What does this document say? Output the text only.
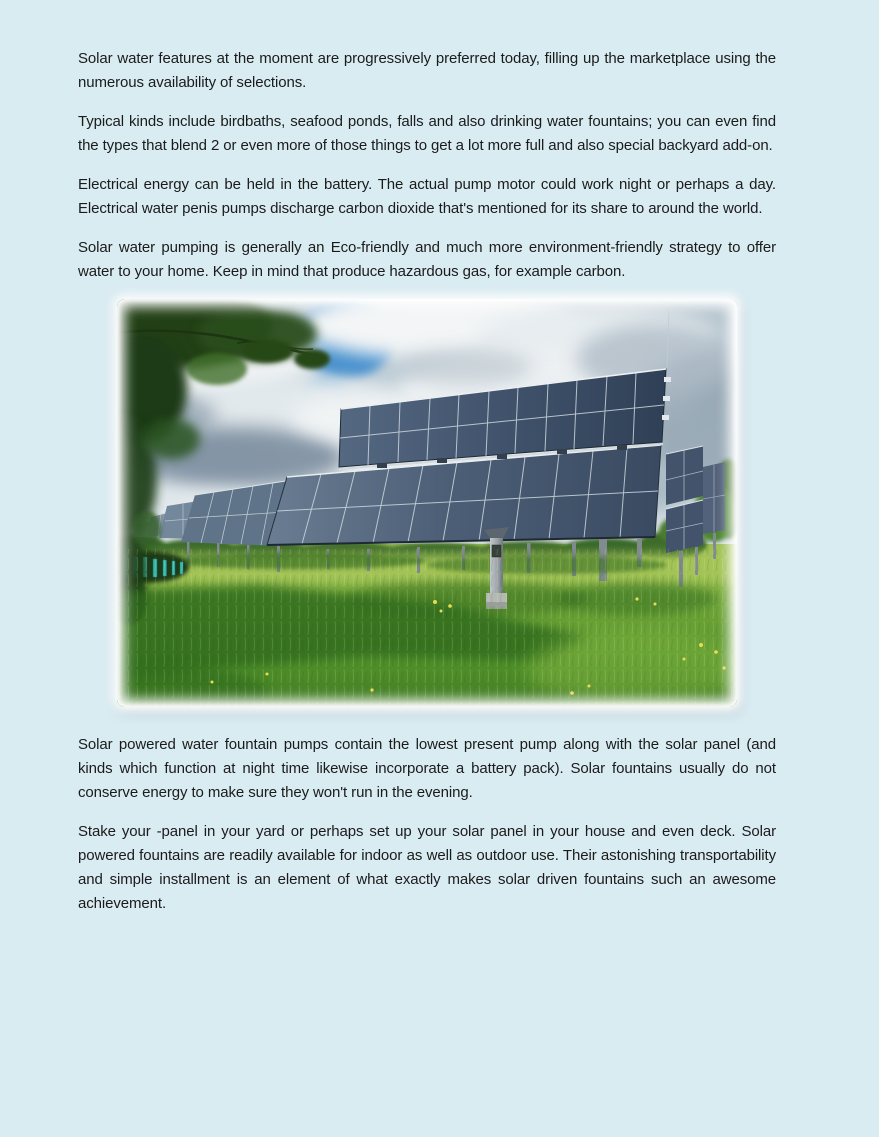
Solar water features at the moment are progressively preferred today, filling up the marketplace using the numerous availability of selections.

Typical kinds include birdbaths, seafood ponds, falls and also drinking water fountains; you can even find the types that blend 2 or even more of those things to get a lot more full and also special backyard add-on.

Electrical energy can be held in the battery. The actual pump motor could work night or perhaps a day. Electrical water penis pumps discharge carbon dioxide that's mentioned for its share to around the world.

Solar water pumping is generally an Eco-friendly and much more environment-friendly strategy to offer water to your home. Keep in mind that produce hazardous gas, for example carbon.

Solar powered water fountain pumps contain the lowest present pump along with the solar panel (and kinds which function at night time likewise incorporate a battery pack). Solar fountains usually do not conserve energy to make sure they won't run in the evening.

Stake your -panel in your yard or perhaps set up your solar panel in your house and even deck. Solar powered fountains are readily available for indoor as well as outdoor use. Their astonishing transportability and simple installment is an element of what exactly makes solar driven fountains such an awesome achievement.
